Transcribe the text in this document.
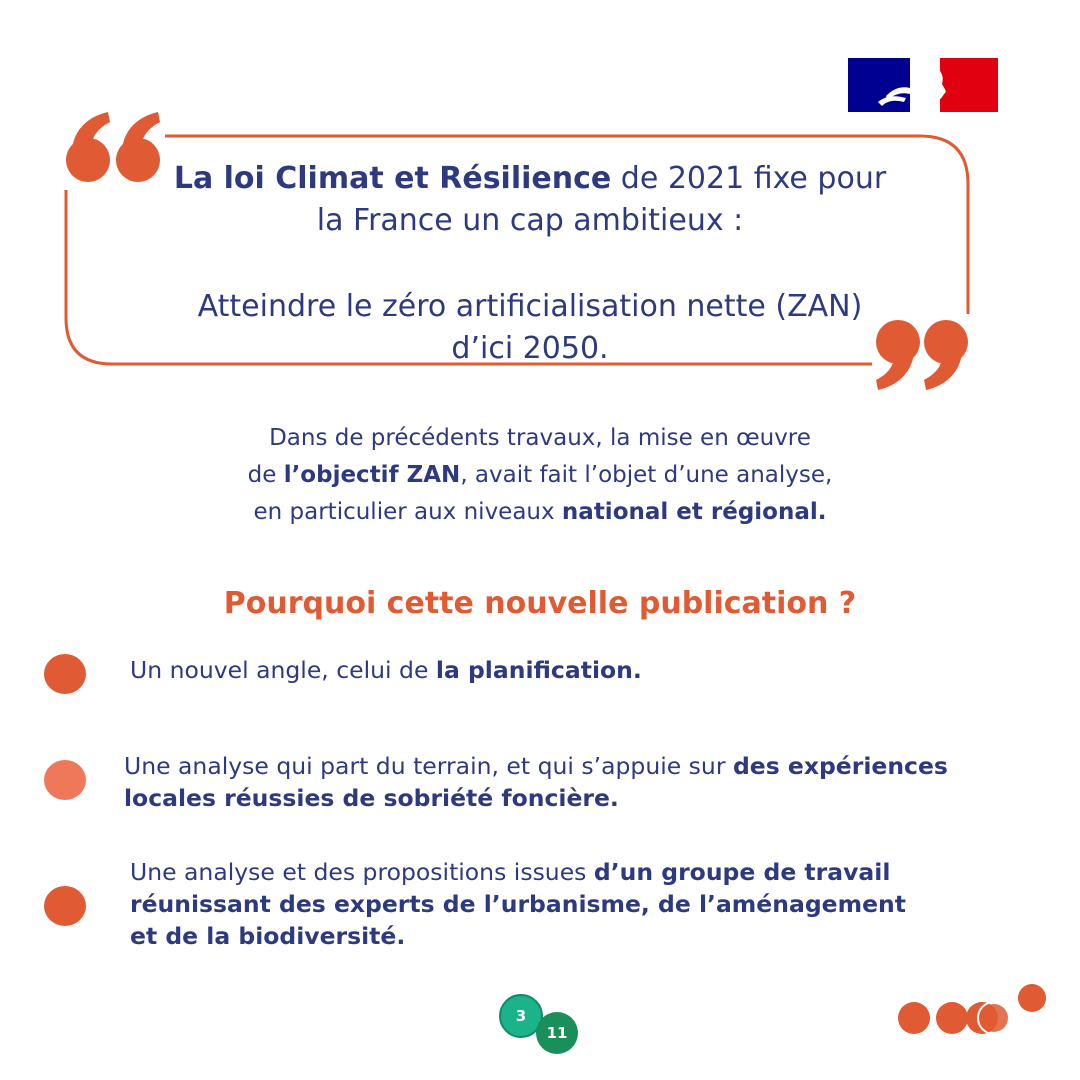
La loi Climat et Résilience de 2021 fixe pour

la France un cap ambitieux :

Atteindre le zéro artificialisation nette (ZAN)

d’ici 2050.

Dans de précédents travaux, la mise en œuvre

de l’objectif ZAN, avait fait l’objet d’une analyse,

en particulier aux niveaux national et régional.

Pourquoi cette nouvelle publication ?

Un nouvel angle, celui de la planification.

Une analyse qui part du terrain, et qui s’appuie sur des expériences

locales réussies de sobriété foncière.

Une analyse et des propositions issues d’un groupe de travail

réunissant des experts de l’urbanisme, de l’aménagement

et de la biodiversité.

3
11
